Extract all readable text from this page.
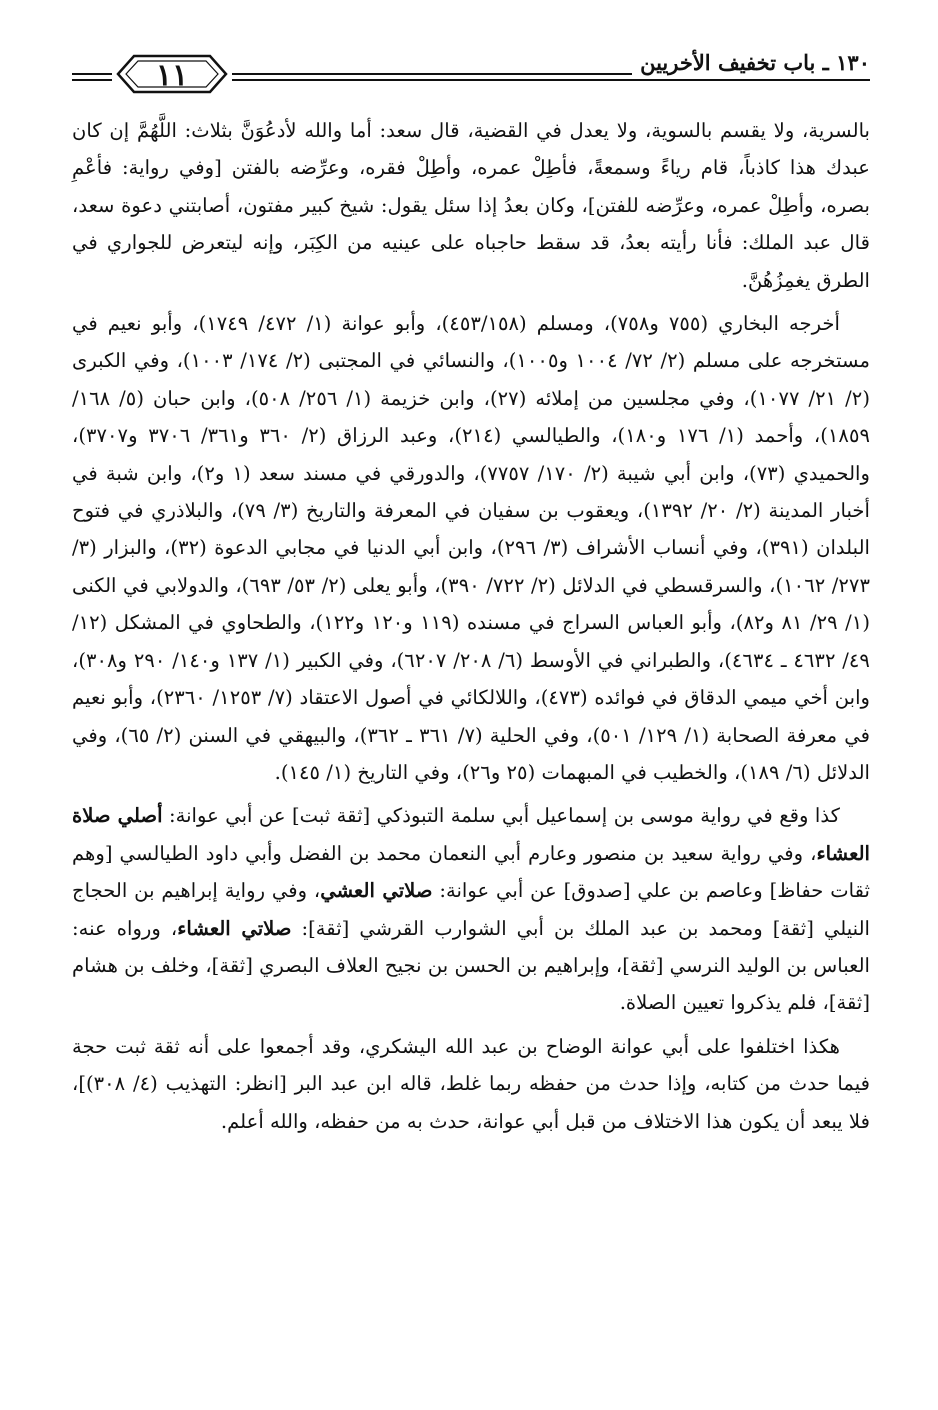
١٣٠ ـ باب تخفيف الأخريين
١١

بالسرية، ولا يقسم بالسوية، ولا يعدل في القضية، قال سعد: أما والله لأدعُوَنَّ بثلاث: اللَّهُمَّ إن كان عبدك هذا كاذباً، قام رياءً وسمعةً، فأطِلْ عمره، وأطِلْ فقره، وعرِّضه بالفتن [وفي رواية: فأعْمِ بصره، وأطِلْ عمره، وعرِّضه للفتن]، وكان بعدُ إذا سئل يقول: شيخ كبير مفتون، أصابتني دعوة سعد، قال عبد الملك: فأنا رأيته بعدُ، قد سقط حاجباه على عينيه من الكِبَر، وإنه ليتعرض للجواري في الطرق يغمِزُهُنَّ.

أخرجه البخاري (٧٥٥ و٧٥٨)، ومسلم (٤٥٣/١٥٨)، وأبو عوانة (١/ ٤٧٢/ ١٧٤٩)، وأبو نعيم في مستخرجه على مسلم (٢/ ٧٢/ ١٠٠٤ و١٠٠٥)، والنسائي في المجتبى (٢/ ١٧٤/ ١٠٠٣)، وفي الكبرى (٢/ ٢١/ ١٠٧٧)، وفي مجلسين من إملائه (٢٧)، وابن خزيمة (١/ ٢٥٦/ ٥٠٨)، وابن حبان (٥/ ١٦٨/ ١٨٥٩)، وأحمد (١/ ١٧٦ و١٨٠)، والطيالسي (٢١٤)، وعبد الرزاق (٢/ ٣٦٠ و٣٦١/ ٣٧٠٦ و٣٧٠٧)، والحميدي (٧٣)، وابن أبي شيبة (٢/ ١٧٠/ ٧٧٥٧)، والدورقي في مسند سعد (١ و٢)، وابن شبة في أخبار المدينة (٢/ ٢٠/ ١٣٩٢)، ويعقوب بن سفيان في المعرفة والتاريخ (٣/ ٧٩)، والبلاذري في فتوح البلدان (٣٩١)، وفي أنساب الأشراف (٣/ ٢٩٦)، وابن أبي الدنيا في مجابي الدعوة (٣٢)، والبزار (٣/ ٢٧٣/ ١٠٦٢)، والسرقسطي في الدلائل (٢/ ٧٢٢/ ٣٩٠)، وأبو يعلى (٢/ ٥٣/ ٦٩٣)، والدولابي في الكنى (١/ ٢٩/ ٨١ و٨٢)، وأبو العباس السراج في مسنده (١١٩ و١٢٠ و١٢٢)، والطحاوي في المشكل (١٢/ ٤٩/ ٤٦٣٢ ـ ٤٦٣٤)، والطبراني في الأوسط (٦/ ٢٠٨/ ٦٢٠٧)، وفي الكبير (١/ ١٣٧ و١٤٠/ ٢٩٠ و٣٠٨)، وابن أخي ميمي الدقاق في فوائده (٤٧٣)، واللالكائي في أصول الاعتقاد (٧/ ١٢٥٣/ ٢٣٦٠)، وأبو نعيم في معرفة الصحابة (١/ ١٢٩/ ٥٠١)، وفي الحلية (٧/ ٣٦١ ـ ٣٦٢)، والبيهقي في السنن (٢/ ٦٥)، وفي الدلائل (٦/ ١٨٩)، والخطيب في المبهمات (٢٥ و٢٦)، وفي التاريخ (١/ ١٤٥).

كذا وقع في رواية موسى بن إسماعيل أبي سلمة التبوذكي [ثقة ثبت] عن أبي عوانة: أصلي صلاة العشاء، وفي رواية سعيد بن منصور وعارم أبي النعمان محمد بن الفضل وأبي داود الطيالسي [وهم ثقات حفاظ] وعاصم بن علي [صدوق] عن أبي عوانة: صلاتي العشي، وفي رواية إبراهيم بن الحجاج النيلي [ثقة] ومحمد بن عبد الملك بن أبي الشوارب القرشي [ثقة]: صلاتي العشاء، ورواه عنه: العباس بن الوليد النرسي [ثقة]، وإبراهيم بن الحسن بن نجيح العلاف البصري [ثقة]، وخلف بن هشام [ثقة]، فلم يذكروا تعيين الصلاة.

هكذا اختلفوا على أبي عوانة الوضاح بن عبد الله اليشكري، وقد أجمعوا على أنه ثقة ثبت حجة فيما حدث من كتابه، وإذا حدث من حفظه ربما غلط، قاله ابن عبد البر [انظر: التهذيب (٤/ ٣٠٨)]، فلا يبعد أن يكون هذا الاختلاف من قبل أبي عوانة، حدث به من حفظه، والله أعلم.
